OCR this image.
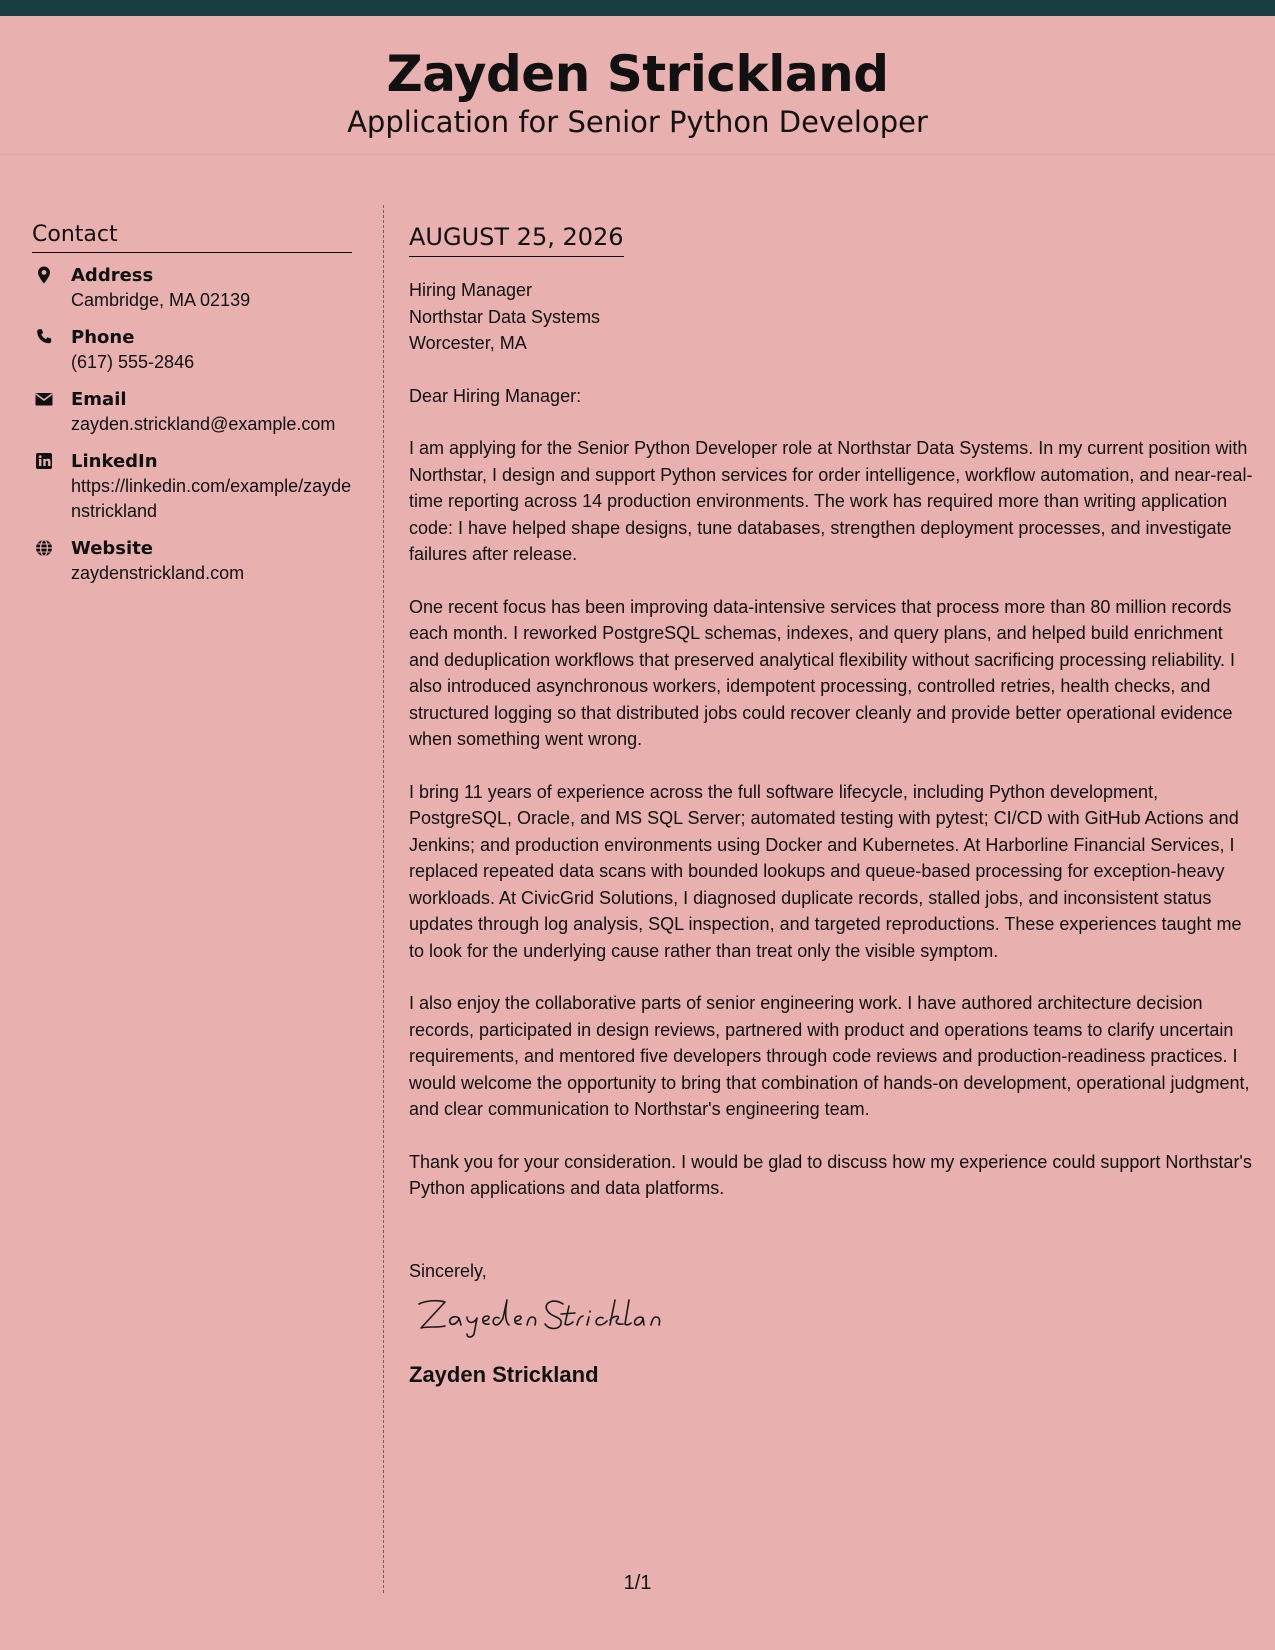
Zayden Strickland
Application for Senior Python Developer
Contact
Address
Cambridge, MA 02139
Phone
(617) 555-2846
Email
zayden.strickland@example.com
LinkedIn
https://linkedin.com/example/zaydenstrickland
Website
zaydenstrickland.com
AUGUST 25, 2026
Hiring Manager
Northstar Data Systems
Worcester, MA

Dear Hiring Manager:

I am applying for the Senior Python Developer role at Northstar Data Systems. In my current position with Northstar, I design and support Python services for order intelligence, workflow automation, and near-real-time reporting across 14 production environments. The work has required more than writing application code: I have helped shape designs, tune databases, strengthen deployment processes, and investigate failures after release.

One recent focus has been improving data-intensive services that process more than 80 million records each month. I reworked PostgreSQL schemas, indexes, and query plans, and helped build enrichment and deduplication workflows that preserved analytical flexibility without sacrificing processing reliability. I also introduced asynchronous workers, idempotent processing, controlled retries, health checks, and structured logging so that distributed jobs could recover cleanly and provide better operational evidence when something went wrong.

I bring 11 years of experience across the full software lifecycle, including Python development, PostgreSQL, Oracle, and MS SQL Server; automated testing with pytest; CI/CD with GitHub Actions and Jenkins; and production environments using Docker and Kubernetes. At Harborline Financial Services, I replaced repeated data scans with bounded lookups and queue-based processing for exception-heavy workloads. At CivicGrid Solutions, I diagnosed duplicate records, stalled jobs, and inconsistent status updates through log analysis, SQL inspection, and targeted reproductions. These experiences taught me to look for the underlying cause rather than treat only the visible symptom.

I also enjoy the collaborative parts of senior engineering work. I have authored architecture decision records, participated in design reviews, partnered with product and operations teams to clarify uncertain requirements, and mentored five developers through code reviews and production-readiness practices. I would welcome the opportunity to bring that combination of hands-on development, operational judgment, and clear communication to Northstar's engineering team.

Thank you for your consideration. I would be glad to discuss how my experience could support Northstar's Python applications and data platforms.

Sincerely,

Zayden Strickland
1/1
